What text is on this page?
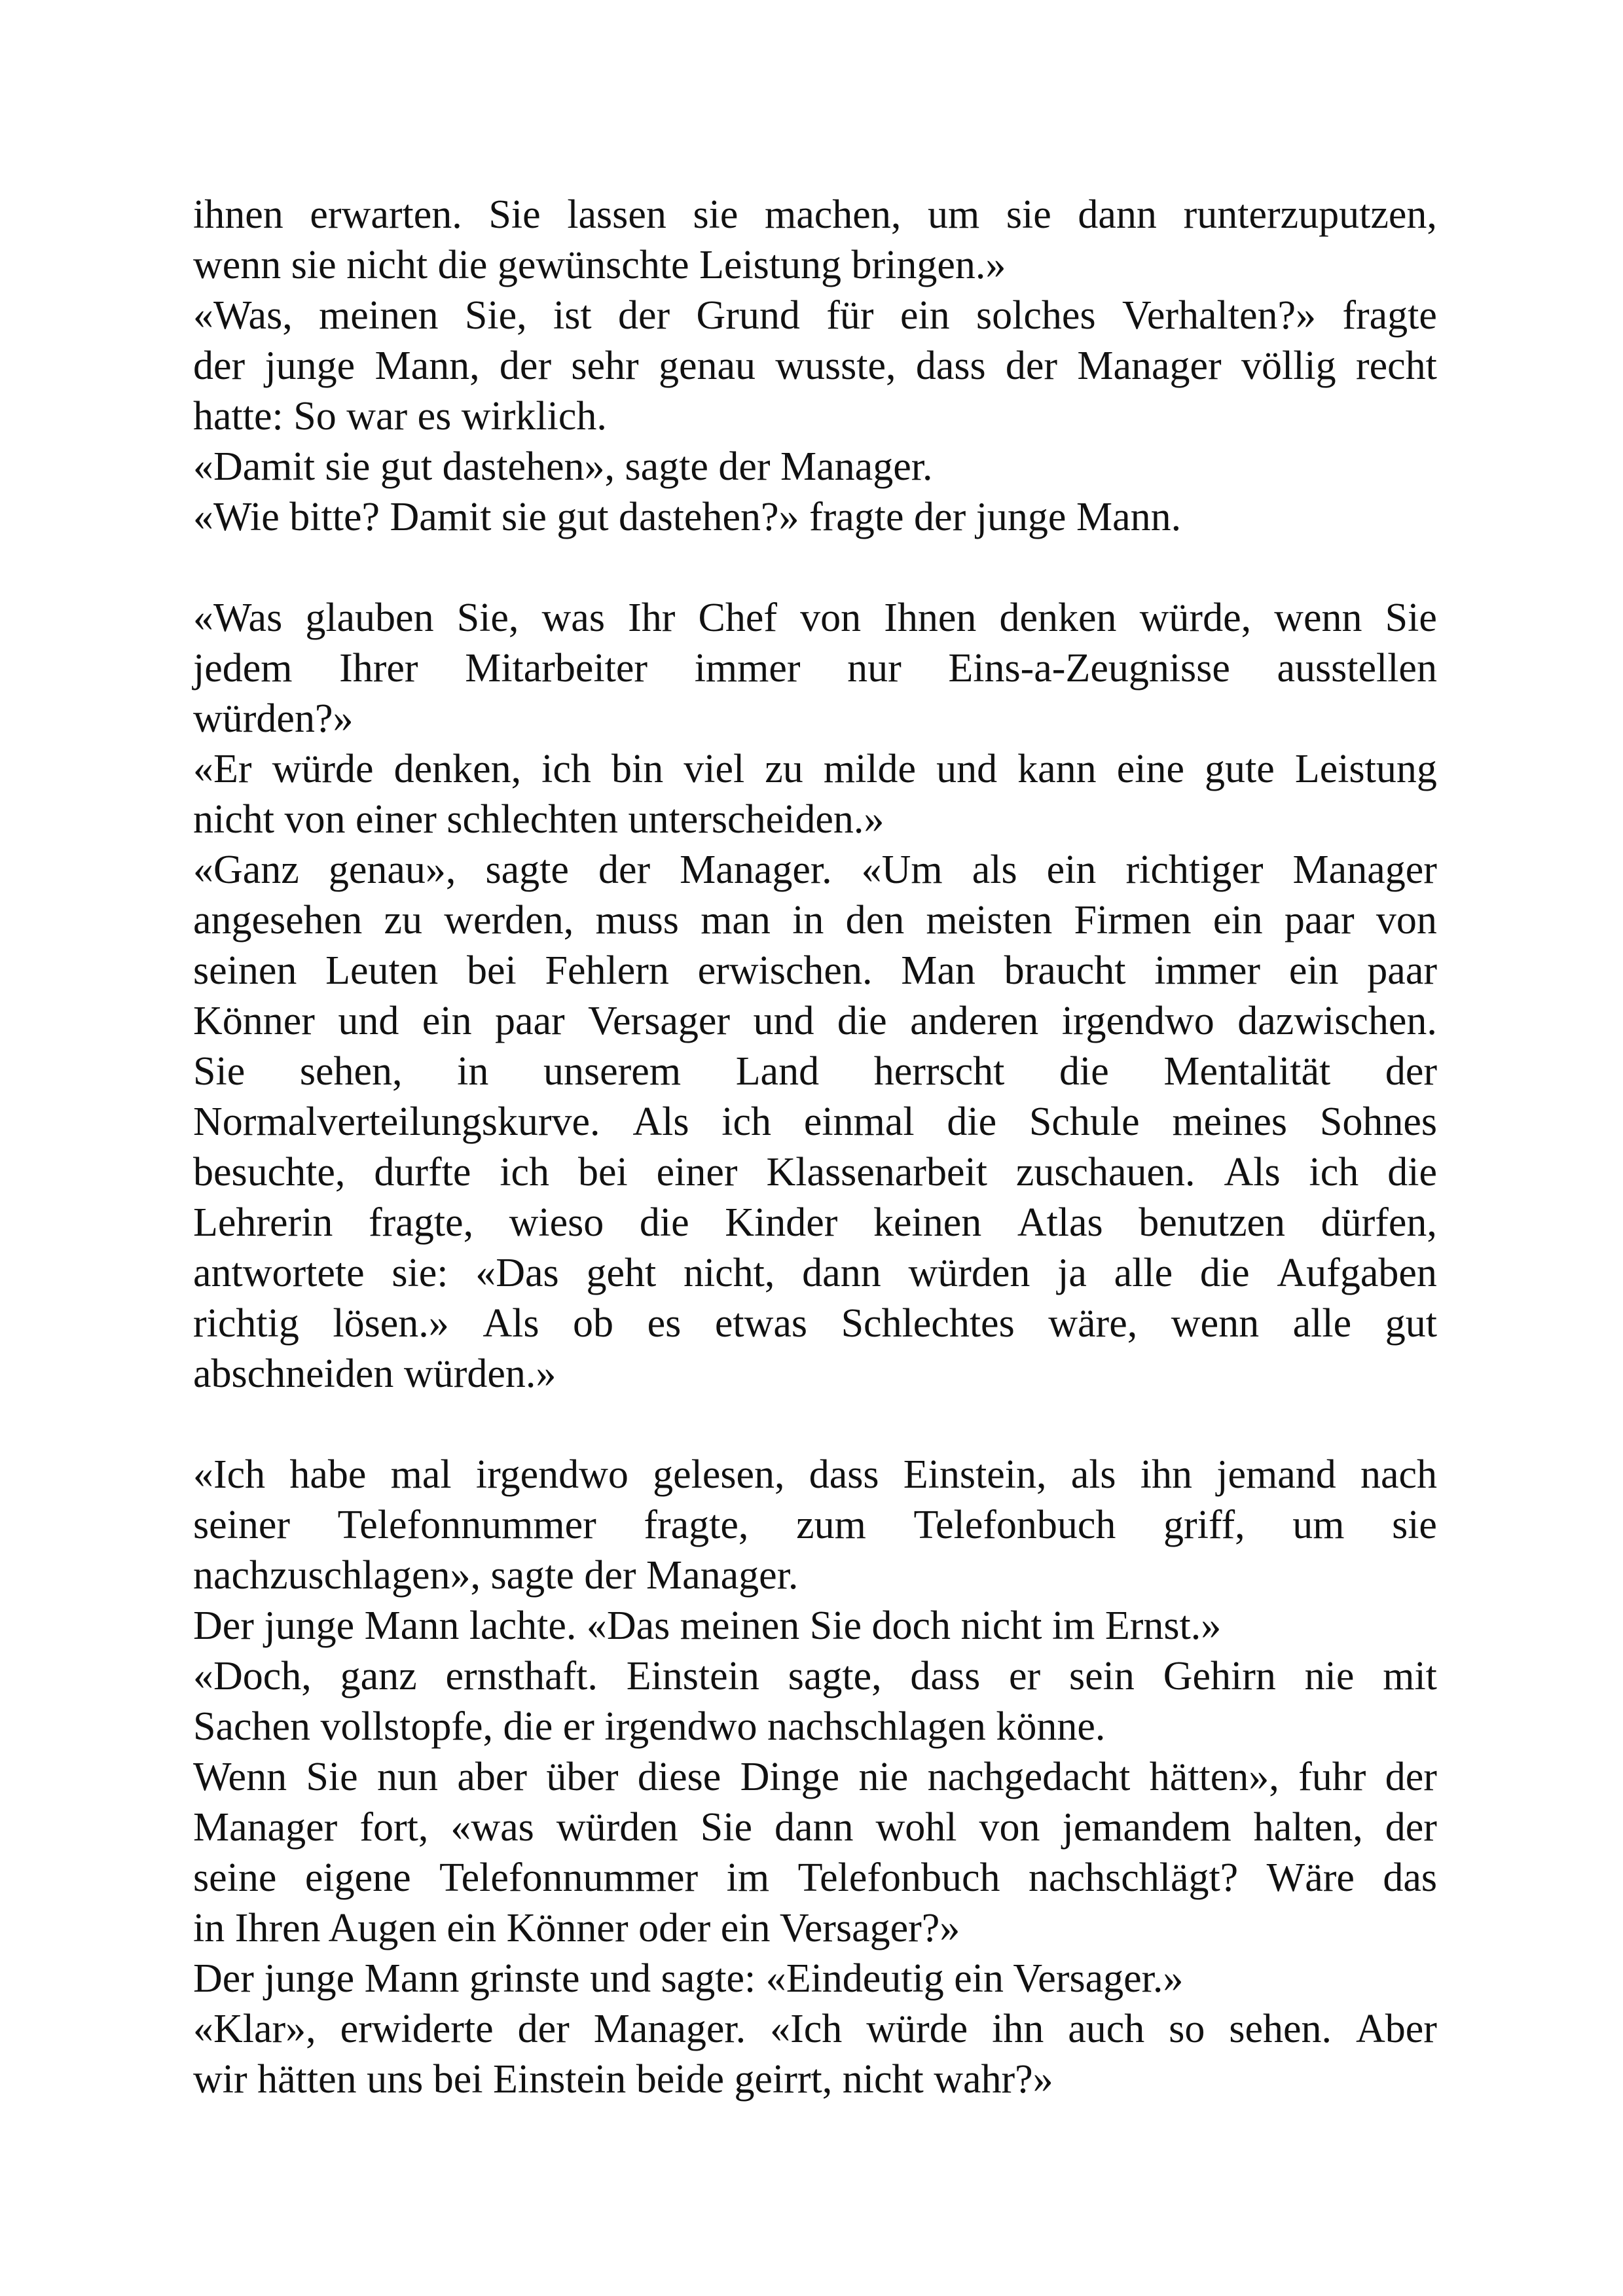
ihnen erwarten. Sie lassen sie machen, um sie dann runterzuputzen,
wenn sie nicht die gewünschte Leistung bringen.»
«Was, meinen Sie, ist der Grund für ein solches Verhalten?» fragte
der junge Mann, der sehr genau wusste, dass der Manager völlig recht
hatte: So war es wirklich.
«Damit sie gut dastehen», sagte der Manager.
«Wie bitte? Damit sie gut dastehen?» fragte der junge Mann.
«Was glauben Sie, was Ihr Chef von Ihnen denken würde, wenn Sie
jedem Ihrer Mitarbeiter immer nur Eins-a-Zeugnisse ausstellen
würden?»
«Er würde denken, ich bin viel zu milde und kann eine gute Leistung
nicht von einer schlechten unterscheiden.»
«Ganz genau», sagte der Manager. «Um als ein richtiger Manager
angesehen zu werden, muss man in den meisten Firmen ein paar von
seinen Leuten bei Fehlern erwischen. Man braucht immer ein paar
Könner und ein paar Versager und die anderen irgendwo dazwischen.
Sie sehen, in unserem Land herrscht die Mentalität der
Normalverteilungskurve. Als ich einmal die Schule meines Sohnes
besuchte, durfte ich bei einer Klassenarbeit zuschauen. Als ich die
Lehrerin fragte, wieso die Kinder keinen Atlas benutzen dürfen,
antwortete sie: «Das geht nicht, dann würden ja alle die Aufgaben
richtig lösen.» Als ob es etwas Schlechtes wäre, wenn alle gut
abschneiden würden.»
«Ich habe mal irgendwo gelesen, dass Einstein, als ihn jemand nach
seiner Telefonnummer fragte, zum Telefonbuch griff, um sie
nachzuschlagen», sagte der Manager.
Der junge Mann lachte. «Das meinen Sie doch nicht im Ernst.»
«Doch, ganz ernsthaft. Einstein sagte, dass er sein Gehirn nie mit
Sachen vollstopfe, die er irgendwo nachschlagen könne.
Wenn Sie nun aber über diese Dinge nie nachgedacht hätten», fuhr der
Manager fort, «was würden Sie dann wohl von jemandem halten, der
seine eigene Telefonnummer im Telefonbuch nachschlägt? Wäre das
in Ihren Augen ein Könner oder ein Versager?»
Der junge Mann grinste und sagte: «Eindeutig ein Versager.»
«Klar», erwiderte der Manager. «Ich würde ihn auch so sehen. Aber
wir hätten uns bei Einstein beide geirrt, nicht wahr?»
